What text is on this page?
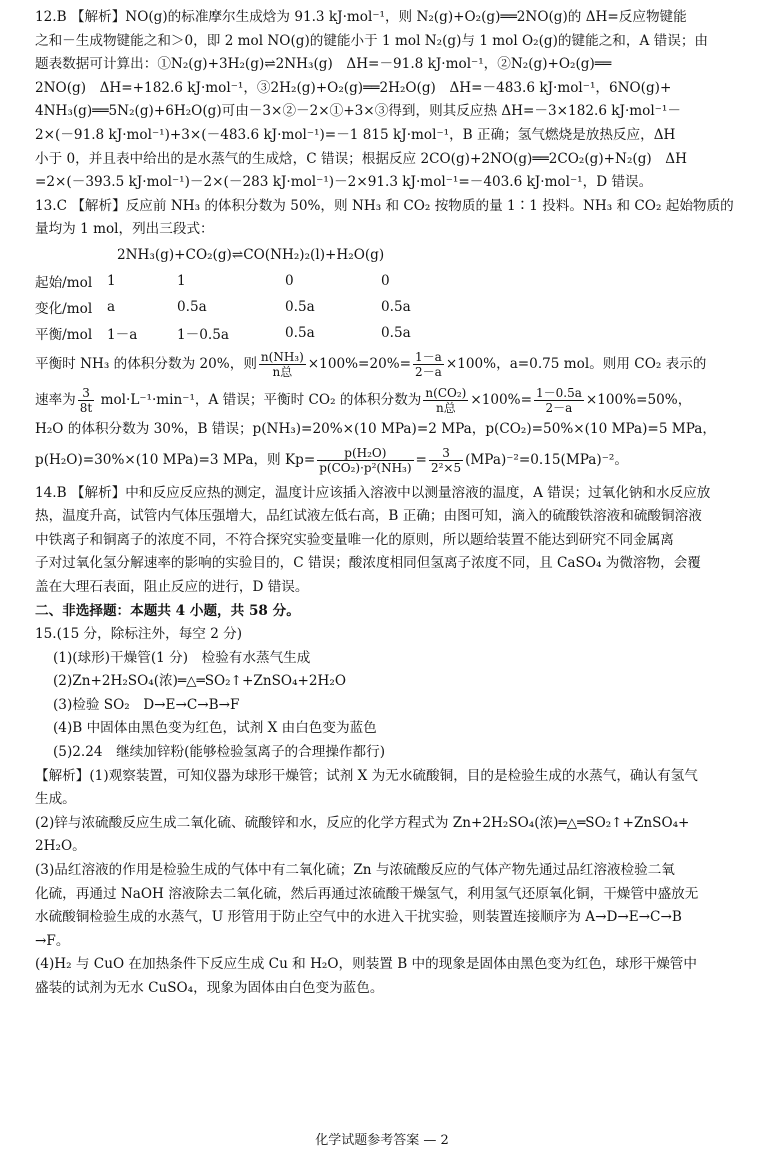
12.B 【解析】NO(g)的标准摩尔生成焓为 91.3 kJ·mol⁻¹，则 N₂(g)+O₂(g)══2NO(g)的 ΔH=反应物键能

之和－生成物键能之和＞0，即 2 mol NO(g)的键能小于 1 mol N₂(g)与 1 mol O₂(g)的键能之和，A 错误；由

题表数据可计算出：①N₂(g)+3H₂(g)⇌2NH₃(g)　ΔH=－91.8 kJ·mol⁻¹，②N₂(g)+O₂(g)══

2NO(g)　ΔH=+182.6 kJ·mol⁻¹，③2H₂(g)+O₂(g)══2H₂O(g)　ΔH=－483.6 kJ·mol⁻¹，6NO(g)+

4NH₃(g)══5N₂(g)+6H₂O(g)可由－3×②－2×①+3×③得到，则其反应热 ΔH=－3×182.6 kJ·mol⁻¹－

2×(－91.8 kJ·mol⁻¹)+3×(－483.6 kJ·mol⁻¹)=－1 815 kJ·mol⁻¹，B 正确；氢气燃烧是放热反应，ΔH

小于 0，并且表中给出的是水蒸气的生成焓，C 错误；根据反应 2CO(g)+2NO(g)══2CO₂(g)+N₂(g)　ΔH

=2×(－393.5 kJ·mol⁻¹)－2×(－283 kJ·mol⁻¹)－2×91.3 kJ·mol⁻¹=－403.6 kJ·mol⁻¹，D 错误。

13.C 【解析】反应前 NH₃ 的体积分数为 50%，则 NH₃ 和 CO₂ 按物质的量 1∶1 投料。NH₃ 和 CO₂ 起始物质的

量均为 1 mol，列出三段式：

2NH₃(g)+CO₂(g)⇌CO(NH₂)₂(l)+H₂O(g)
起始/mol	1	1	0	0
变化/mol	a	0.5a	0.5a	0.5a
平衡/mol	1－a	1－0.5a	0.5a	0.5a

平衡时 NH₃ 的体积分数为 20%，则 $\frac{\text{n(NH₃)}}{\text{n总}} \times 100\%=20\%= \frac{1-a}{2-a} \times 100\%$，a=0.75 mol。则用 CO₂ 表示的

速率为 $\frac{3}{8t} mol\cdot L^{-1}\cdot\min^{-1}$，A 错误；平衡时 CO₂ 的体积分数为 $\frac{\text{n(CO₂)}}{\text{n总}} \times 100\%= \frac{1-0.5a}{2-a} \times 100\%=50\%$，

H₂O 的体积分数为 30%，B 错误；p(NH₃)=20%×(10 MPa)=2 MPa，p(CO₂)=50%×(10 MPa)=5 MPa，

p(H₂O)=30%×(10 MPa)=3 MPa，则 $Kp= \frac{\text{p(H₂O)}}{\text{p(CO₂)·p²(NH₃)}} = \frac{3}{\text{2²×5}} (MPa)^{-2}=0.15(MPa)^{-2}$。

14.B 【解析】中和反应反应热的测定，温度计应该插入溶液中以测量溶液的温度，A 错误；过氧化钠和水反应放

热，温度升高，试管内气体压强增大，品红试液左低右高，B 正确；由图可知，滴入的硫酸铁溶液和硫酸铜溶液

中铁离子和铜离子的浓度不同，不符合探究实验变量唯一化的原则，所以题给装置不能达到研究不同金属离

子对过氧化氢分解速率的影响的实验目的，C 错误；酸浓度相同但氢离子浓度不同，且 CaSO₄ 为微溶物，会覆

盖在大理石表面，阻止反应的进行，D 错误。

二、非选择题：本题共 4 小题，共 58 分。

15.(15 分，除标注外，每空 2 分)

(1)(球形)干燥管(1 分)　检验有水蒸气生成

(2)Zn+2H₂SO₄(浓)═△═SO₂↑+ZnSO₄+2H₂O

(3)检验 SO₂　D→E→C→B→F

(4)B 中固体由黑色变为红色，试剂 X 由白色变为蓝色

(5)2.24　继续加锌粉(能够检验氢离子的合理操作都行)

【解析】(1)观察装置，可知仪器为球形干燥管；试剂 X 为无水硫酸铜，目的是检验生成的水蒸气，确认有氢气

生成。

(2)锌与浓硫酸反应生成二氧化硫、硫酸锌和水，反应的化学方程式为 Zn+2H₂SO₄(浓)═△═SO₂↑+ZnSO₄+

2H₂O。

(3)品红溶液的作用是检验生成的气体中有二氧化硫；Zn 与浓硫酸反应的气体产物先通过品红溶液检验二氧

化硫，再通过 NaOH 溶液除去二氧化硫，然后再通过浓硫酸干燥氢气，利用氢气还原氧化铜，干燥管中盛放无

水硫酸铜检验生成的水蒸气，U 形管用于防止空气中的水进入干扰实验，则装置连接顺序为 A→D→E→C→B

→F。

(4)H₂ 与 CuO 在加热条件下反应生成 Cu 和 H₂O，则装置 B 中的现象是固体由黑色变为红色，球形干燥管中

盛装的试剂为无水 CuSO₄，现象为固体由白色变为蓝色。

化学试题参考答案 — 2
